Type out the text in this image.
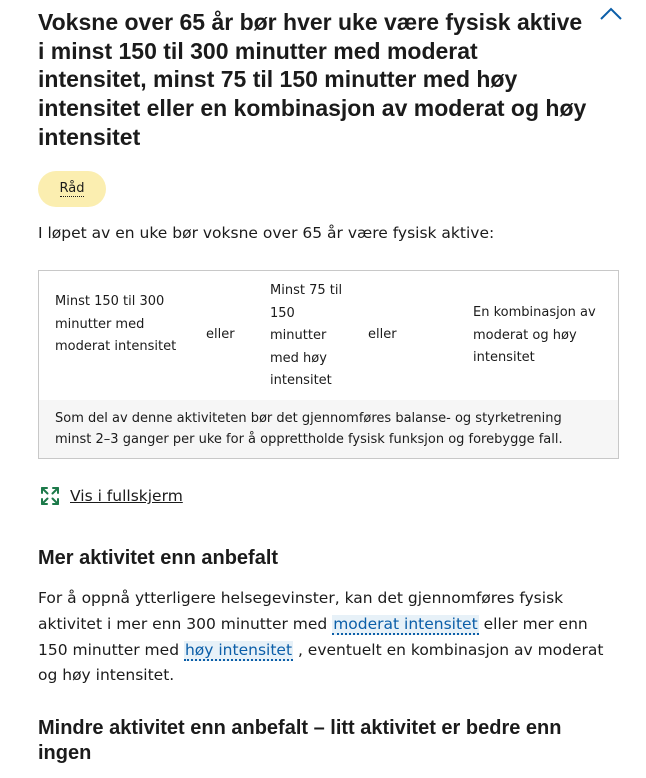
Voksne over 65 år bør hver uke være fysisk aktive i minst 150 til 300 minutter med moderat intensitet, minst 75 til 150 minutter med høy intensitet eller en kombinasjon av moderat og høy intensitet
Råd

I løpet av en uke bør voksne over 65 år være fysisk aktive:

Minst 150 til 300 minutter med moderat intensitet
eller
Minst 75 til 150 minutter med høy intensitet
eller
En kombinasjon av moderat og høy intensitet
Som del av denne aktiviteten bør det gjennomføres balanse- og styrketrening minst 2–3 ganger per uke for å opprettholde fysisk funksjon og forebygge fall.
Vis i fullskjerm
Mer aktivitet enn anbefalt

For å oppnå ytterligere helsegevinster, kan det gjennomføres fysisk aktivitet i mer enn 300 minutter med moderat intensitet eller mer enn 150 minutter med høy intensitet , eventuelt en kombinasjon av moderat og høy intensitet.

Mindre aktivitet enn anbefalt – litt aktivitet er bedre enn ingen
